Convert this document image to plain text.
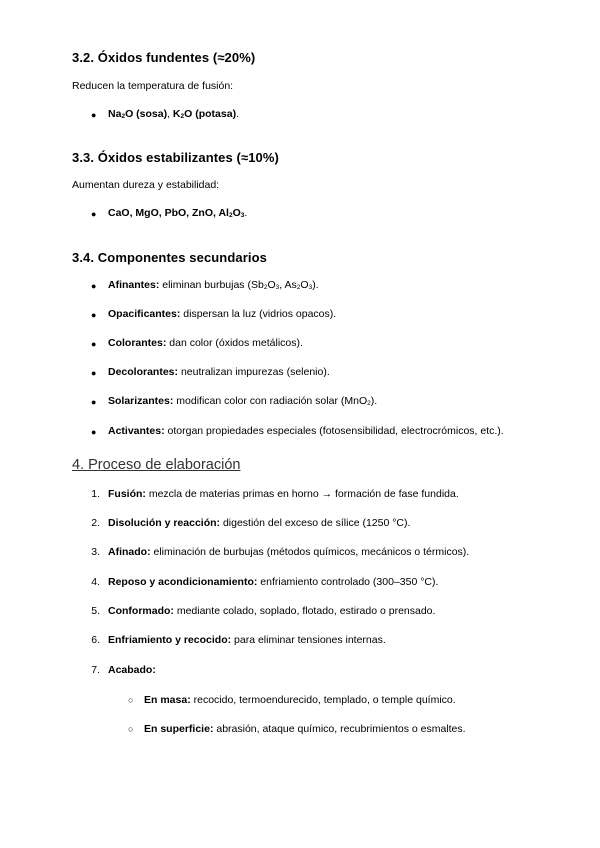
3.2. Óxidos fundentes (≈20%)
Reducen la temperatura de fusión:
● $Na_2O$ (sosa), $K_2O$ (potasa).
3.3. Óxidos estabilizantes (≈10%)
Aumentan dureza y estabilidad:
● CaO, MgO, PbO, ZnO, $Al_2O_3$.
3.4. Componentes secundarios
● Afinantes: eliminan burbujas ($Sb_2O_3$, $As_2O_3$).
● Opacificantes: dispersan la luz (vidrios opacos).
● Colorantes: dan color (óxidos metálicos).
● Decolorantes: neutralizan impurezas (selenio).
● Solarizantes: modifican color con radiación solar (MnO$_2$).
● Activantes: otorgan propiedades especiales (fotosensibilidad, electrocrómicos, etc.).
4. Proceso de elaboración
1. Fusión: mezcla de materias primas en horno → formación de fase fundida.
2. Disolución y reacción: digestión del exceso de sílice (1250 °C).
3. Afinado: eliminación de burbujas (métodos químicos, mecánicos o térmicos).
4. Reposo y acondicionamiento: enfriamiento controlado (300–350 °C).
5. Conformado: mediante colado, soplado, flotado, estirado o prensado.
6. Enfriamiento y recocido: para eliminar tensiones internas.
7. Acabado:
○ En masa: recocido, termoendurecido, templado, o temple químico.
○ En superficie: abrasión, ataque químico, recubrimientos o esmaltes.
